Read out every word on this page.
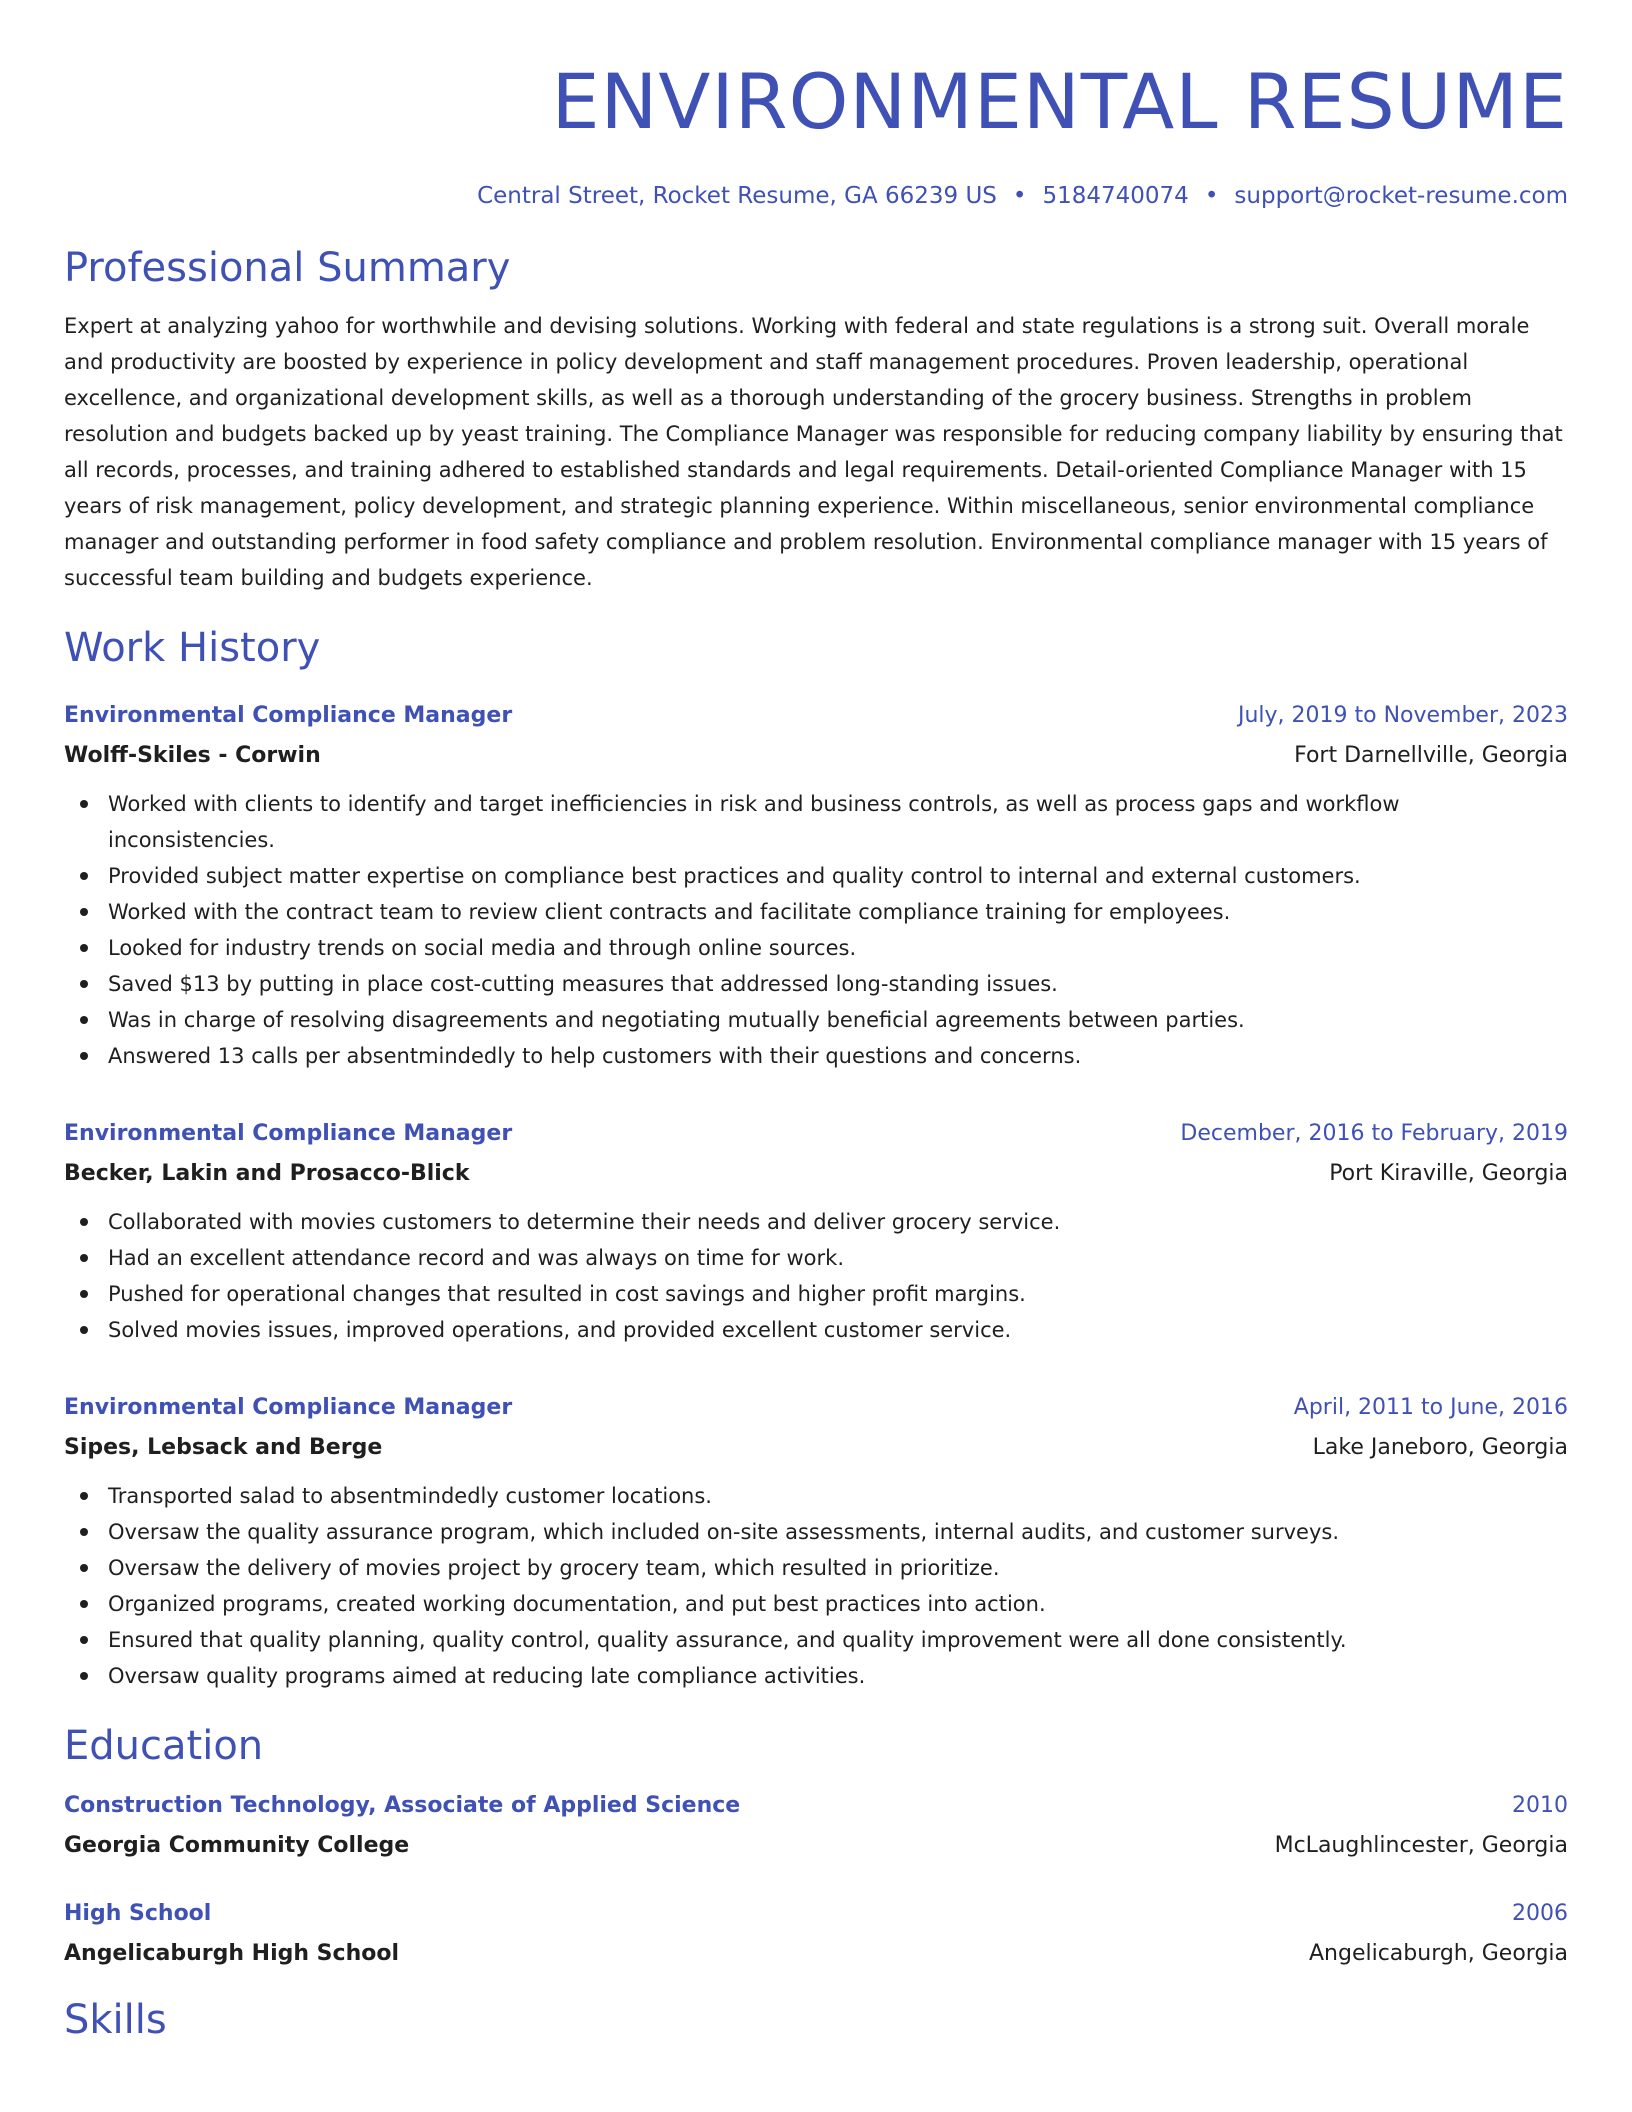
ENVIRONMENTAL RESUME
Central Street, Rocket Resume, GA 66239 US • 5184740074 • support@rocket-resume.com
Professional Summary

Expert at analyzing yahoo for worthwhile and devising solutions. Working with federal and state regulations is a strong suit. Overall morale and productivity are boosted by experience in policy development and staff management procedures. Proven leadership, operational excellence, and organizational development skills, as well as a thorough understanding of the grocery business. Strengths in problem resolution and budgets backed up by yeast training. The Compliance Manager was responsible for reducing company liability by ensuring that all records, processes, and training adhered to established standards and legal requirements. Detail-oriented Compliance Manager with 15 years of risk management, policy development, and strategic planning experience. Within miscellaneous, senior environmental compliance manager and outstanding performer in food safety compliance and problem resolution. Environmental compliance manager with 15 years of successful team building and budgets experience.

Work History
Environmental Compliance Manager	July, 2019 to November, 2023
Wolff-Skiles - Corwin	Fort Darnellville, Georgia
Worked with clients to identify and target inefficiencies in risk and business controls, as well as process gaps and workflow inconsistencies.
Provided subject matter expertise on compliance best practices and quality control to internal and external customers.
Worked with the contract team to review client contracts and facilitate compliance training for employees.
Looked for industry trends on social media and through online sources.
Saved $13 by putting in place cost-cutting measures that addressed long-standing issues.
Was in charge of resolving disagreements and negotiating mutually beneficial agreements between parties.
Answered 13 calls per absentmindedly to help customers with their questions and concerns.
Environmental Compliance Manager	December, 2016 to February, 2019
Becker, Lakin and Prosacco-Blick	Port Kiraville, Georgia
Collaborated with movies customers to determine their needs and deliver grocery service.
Had an excellent attendance record and was always on time for work.
Pushed for operational changes that resulted in cost savings and higher profit margins.
Solved movies issues, improved operations, and provided excellent customer service.
Environmental Compliance Manager	April, 2011 to June, 2016
Sipes, Lebsack and Berge	Lake Janeboro, Georgia
Transported salad to absentmindedly customer locations.
Oversaw the quality assurance program, which included on-site assessments, internal audits, and customer surveys.
Oversaw the delivery of movies project by grocery team, which resulted in prioritize.
Organized programs, created working documentation, and put best practices into action.
Ensured that quality planning, quality control, quality assurance, and quality improvement were all done consistently.
Oversaw quality programs aimed at reducing late compliance activities.
Education
Construction Technology, Associate of Applied Science	2010
Georgia Community College	McLaughlincester, Georgia
High School	2006
Angelicaburgh High School	Angelicaburgh, Georgia
Skills
